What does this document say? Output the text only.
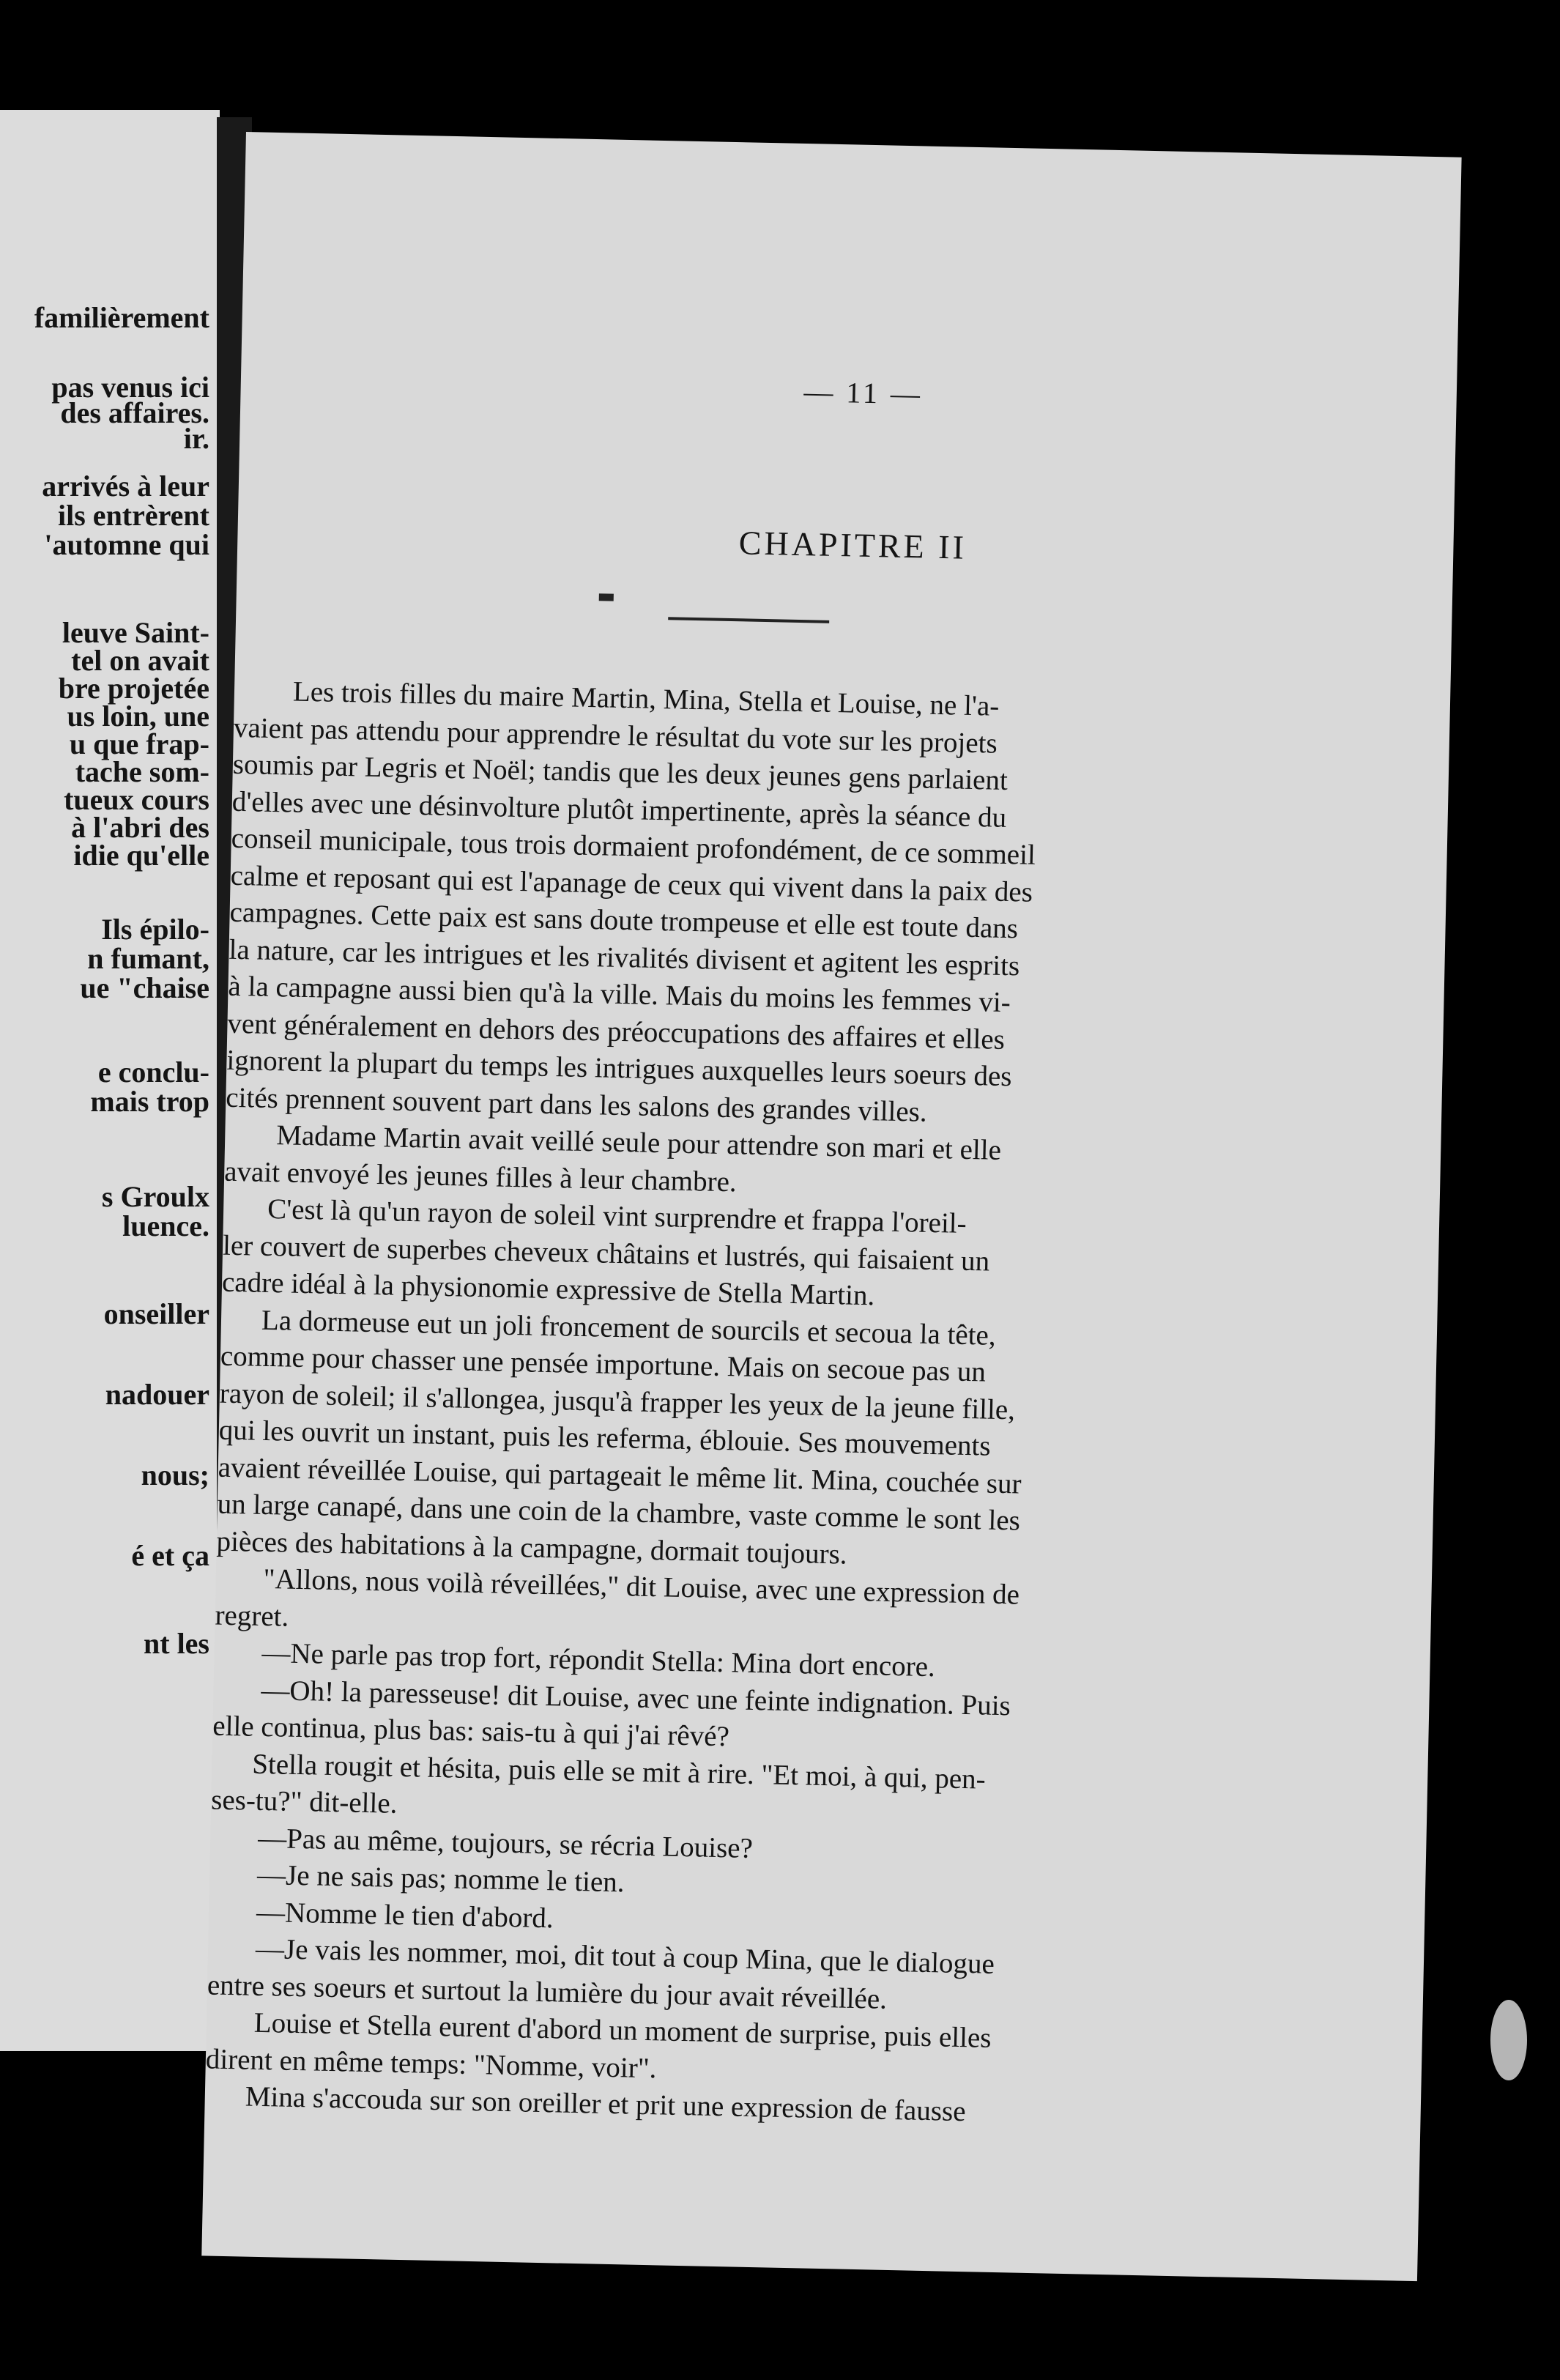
familièrement
pas venus ici
des affaires.
ir.
arrivés à leur
ils entrèrent
'automne qui
leuve Saint-
tel on avait
bre projetée
us loin, une
u que frap-
tache som-
tueux cours
à l'abri des
idie qu'elle
Ils épilo-
n fumant,
ue "chaise
e conclu-
mais trop
s Groulx
luence.
onseiller
nadouer
nous;
é et ça
nt les
— 11 —
CHAPITRE II
Les trois filles du maire Martin, Mina, Stella et Louise, ne l'a-
vaient pas attendu pour apprendre le résultat du vote sur les projets
soumis par Legris et Noël; tandis que les deux jeunes gens parlaient
d'elles avec une désinvolture plutôt impertinente, après la séance du
conseil municipale, tous trois dormaient profondément, de ce sommeil
calme et reposant qui est l'apanage de ceux qui vivent dans la paix des
campagnes. Cette paix est sans doute trompeuse et elle est toute dans
la nature, car les intrigues et les rivalités divisent et agitent les esprits
à la campagne aussi bien qu'à la ville. Mais du moins les femmes vi-
vent généralement en dehors des préoccupations des affaires et elles
ignorent la plupart du temps les intrigues auxquelles leurs soeurs des
cités prennent souvent part dans les salons des grandes villes.
Madame Martin avait veillé seule pour attendre son mari et elle
avait envoyé les jeunes filles à leur chambre.
C'est là qu'un rayon de soleil vint surprendre et frappa l'oreil-
ler couvert de superbes cheveux châtains et lustrés, qui faisaient un
cadre idéal à la physionomie expressive de Stella Martin.
La dormeuse eut un joli froncement de sourcils et secoua la tête,
comme pour chasser une pensée importune. Mais on secoue pas un
rayon de soleil; il s'allongea, jusqu'à frapper les yeux de la jeune fille,
qui les ouvrit un instant, puis les referma, éblouie. Ses mouvements
avaient réveillée Louise, qui partageait le même lit. Mina, couchée sur
un large canapé, dans une coin de la chambre, vaste comme le sont les
pièces des habitations à la campagne, dormait toujours.
"Allons, nous voilà réveillées," dit Louise, avec une expression de
regret.
—Ne parle pas trop fort, répondit Stella: Mina dort encore.
—Oh! la paresseuse! dit Louise, avec une feinte indignation. Puis
elle continua, plus bas: sais-tu à qui j'ai rêvé?
Stella rougit et hésita, puis elle se mit à rire. "Et moi, à qui, pen-
ses-tu?" dit-elle.
—Pas au même, toujours, se récria Louise?
—Je ne sais pas; nomme le tien.
—Nomme le tien d'abord.
—Je vais les nommer, moi, dit tout à coup Mina, que le dialogue
entre ses soeurs et surtout la lumière du jour avait réveillée.
Louise et Stella eurent d'abord un moment de surprise, puis elles
dirent en même temps: "Nomme, voir".
Mina s'accouda sur son oreiller et prit une expression de fausse
